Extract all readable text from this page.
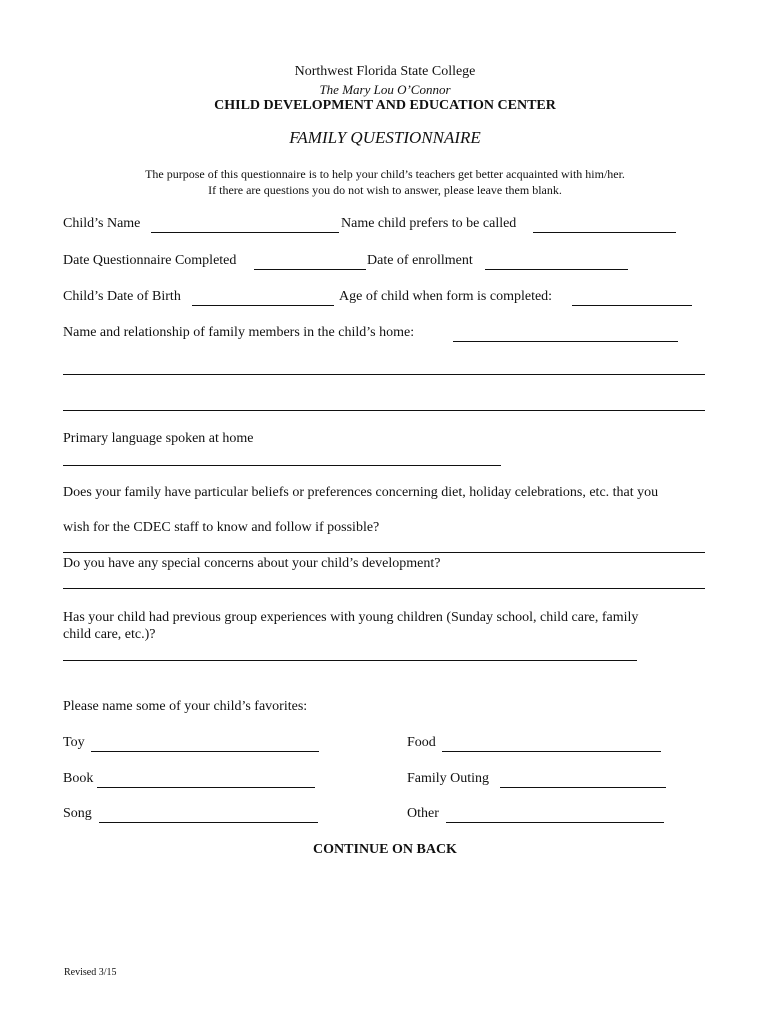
Northwest Florida State College
The Mary Lou O’Connor
CHILD DEVELOPMENT AND EDUCATION CENTER
FAMILY QUESTIONNAIRE
The purpose of this questionnaire is to help your child’s teachers get better acquainted with him/her.
If there are questions you do not wish to answer, please leave them blank.
Child’s Name	Name child prefers to be called
Date Questionnaire Completed	Date of enrollment
Child’s Date of Birth	Age of child when form is completed:
Name and relationship of family members in the child’s home:
Primary language spoken at home
Does your family have particular beliefs or preferences concerning diet, holiday celebrations, etc. that you
wish for the CDEC staff to know and follow if possible?
Do you have any special concerns about your child’s development?
Has your child had previous group experiences with young children (Sunday school, child care, family
child care, etc.)?
Please name some of your child’s favorites:
Toy	Food
Book	Family Outing
Song	Other
CONTINUE ON BACK
Revised 3/15
